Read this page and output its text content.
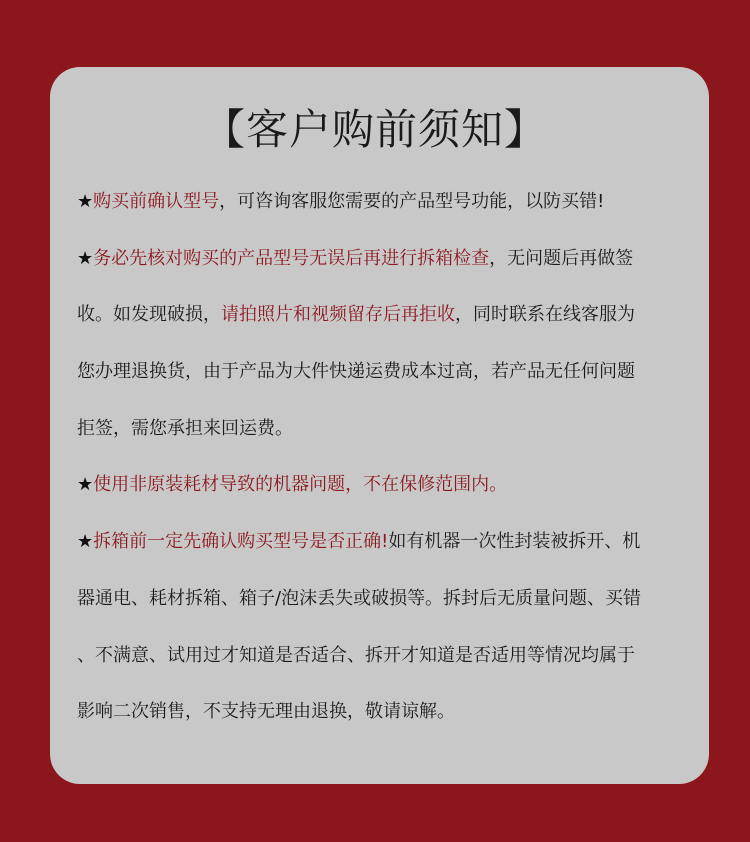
【客户购前须知】
★购买前确认型号，可咨询客服您需要的产品型号功能，以防买错!
★务必先核对购买的产品型号无误后再进行拆箱检查，无问题后再做签
收。如发现破损，请拍照片和视频留存后再拒收，同时联系在线客服为
您办理退换货，由于产品为大件快递运费成本过高，若产品无任何问题
拒签，需您承担来回运费。
★使用非原装耗材导致的机器问题，不在保修范围内。
★拆箱前一定先确认购买型号是否正确!如有机器一次性封装被拆开、机
器通电、耗材拆箱、箱子/泡沫丢失或破损等。拆封后无质量问题、买错
、不满意、试用过才知道是否适合、拆开才知道是否适用等情况均属于
影响二次销售，不支持无理由退换，敬请谅解。
